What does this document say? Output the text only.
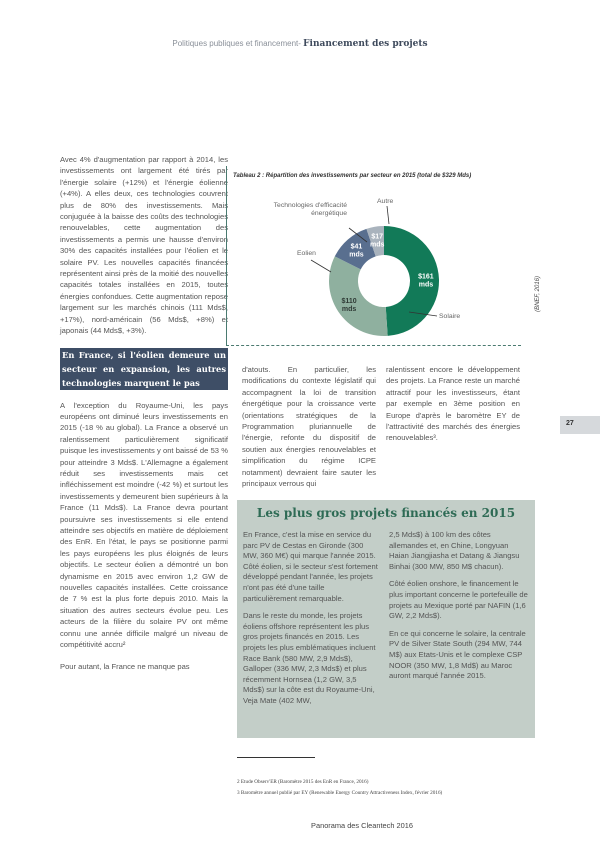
Politiques publiques et financement- Financement des projets

Avec 4% d'augmentation par rapport à 2014, les investissements ont largement été tirés par l'énergie solaire (+12%) et l'énergie éolienne (+4%). A elles deux, ces technologies couvrent plus de 80% des investissements. Mais conjuguée à la baisse des coûts des technologies renouvelables, cette augmentation des investissements a permis une hausse d'environ 30% des capacités installées pour l'éolien et le solaire PV. Les nouvelles capacités financées représentent ainsi près de la moitié des nouvelles capacités totales installées en 2015, toutes énergies confondues. Cette augmentation repose largement sur les marchés chinois (111 Mds$, +17%), nord-américain (56 Mds$, +8%) et japonais (44 Mds$, +3%).

En France, si l'éolien demeure un secteur en expansion, les autres technologies marquent le pas

A l'exception du Royaume-Uni, les pays européens ont diminué leurs investissements en 2015 (-18 % au global). La France a observé un ralentissement particulièrement significatif puisque les investissements y ont baissé de 53 % pour atteindre 3 Mds$. L'Allemagne a également réduit ses investissements mais cet infléchissement est moindre (-42 %) et surtout les investissements y demeurent bien supérieurs à la France (11 Mds$). La France devra pourtant poursuivre ses investissements si elle entend atteindre ses objectifs en matière de déploiement des EnR. En l'état, le pays se positionne parmi les pays européens les plus éloignés de leurs objectifs. Le secteur éolien a démontré un bon dynamisme en 2015 avec environ 1,2 GW de nouvelles capacités installées. Cette croissance de 7 % est la plus forte depuis 2010. Mais la situation des autres secteurs évolue peu. Les acteurs de la filière du solaire PV ont même connu une année difficile malgré un niveau de compétitivité accru²

Pour autant, la France ne manque pas

Tableau 2 : Répartition des investissements par secteur en 2015 (total de $329 Mds)
$161 mds
$110 mds
$41 mds
$17 mds
Technologies d'efficacité énergétique
Autre
Eolien
Solaire
(BNEF, 2016)

d'atouts. En particulier, les modifications du contexte législatif qui accompagnent la loi de transition énergétique pour la croissance verte (orientations stratégiques de la Programmation pluriannuelle de l'énergie, refonte du dispositif de soutien aux énergies renouvelables et simplification du régime ICPE notamment) devraient faire sauter les principaux verrous qui

ralentissent encore le développement des projets. La France reste un marché attractif pour les investisseurs, étant par exemple en 3ème position en Europe d'après le baromètre EY de l'attractivité des marchés des énergies renouvelables³.

27
Les plus gros projets financés en 2015

En France, c'est la mise en service du parc PV de Cestas en Gironde (300 MW, 360 M€) qui marque l'année 2015. Côté éolien, si le secteur s'est fortement développé pendant l'année, les projets n'ont pas été d'une taille particulièrement remarquable.

Dans le reste du monde, les projets éoliens offshore représentent les plus gros projets financés en 2015. Les projets les plus emblématiques incluent Race Bank (580 MW, 2,9 Mds$), Galloper (336 MW, 2,3 Mds$) et plus récemment Hornsea (1,2 GW, 3,5 Mds$) sur la côte est du Royaume-Uni, Veja Mate (402 MW,

2,5 Mds$) à 100 km des côtes allemandes et, en Chine, Longyuan Haian Jiangjiasha et Datang & Jiangsu Binhai (300 MW, 850 M$ chacun).

Côté éolien onshore, le financement le plus important concerne le portefeuille de projets au Mexique porté par NAFIN (1,6 GW, 2,2 Mds$).

En ce qui concerne le solaire, la centrale PV de Silver State South (294 MW, 744 M$) aux Etats-Unis et le complexe CSP NOOR (350 MW, 1,8 Md$) au Maroc auront marqué l'année 2015.

2 Etude Observ'ER (Baromètre 2015 des EnR en France, 2016)
3 Baromètre annuel publié par EY (Renewable Energy Country Attractiveness Index, février 2016)
Panorama des Cleantech 2016
